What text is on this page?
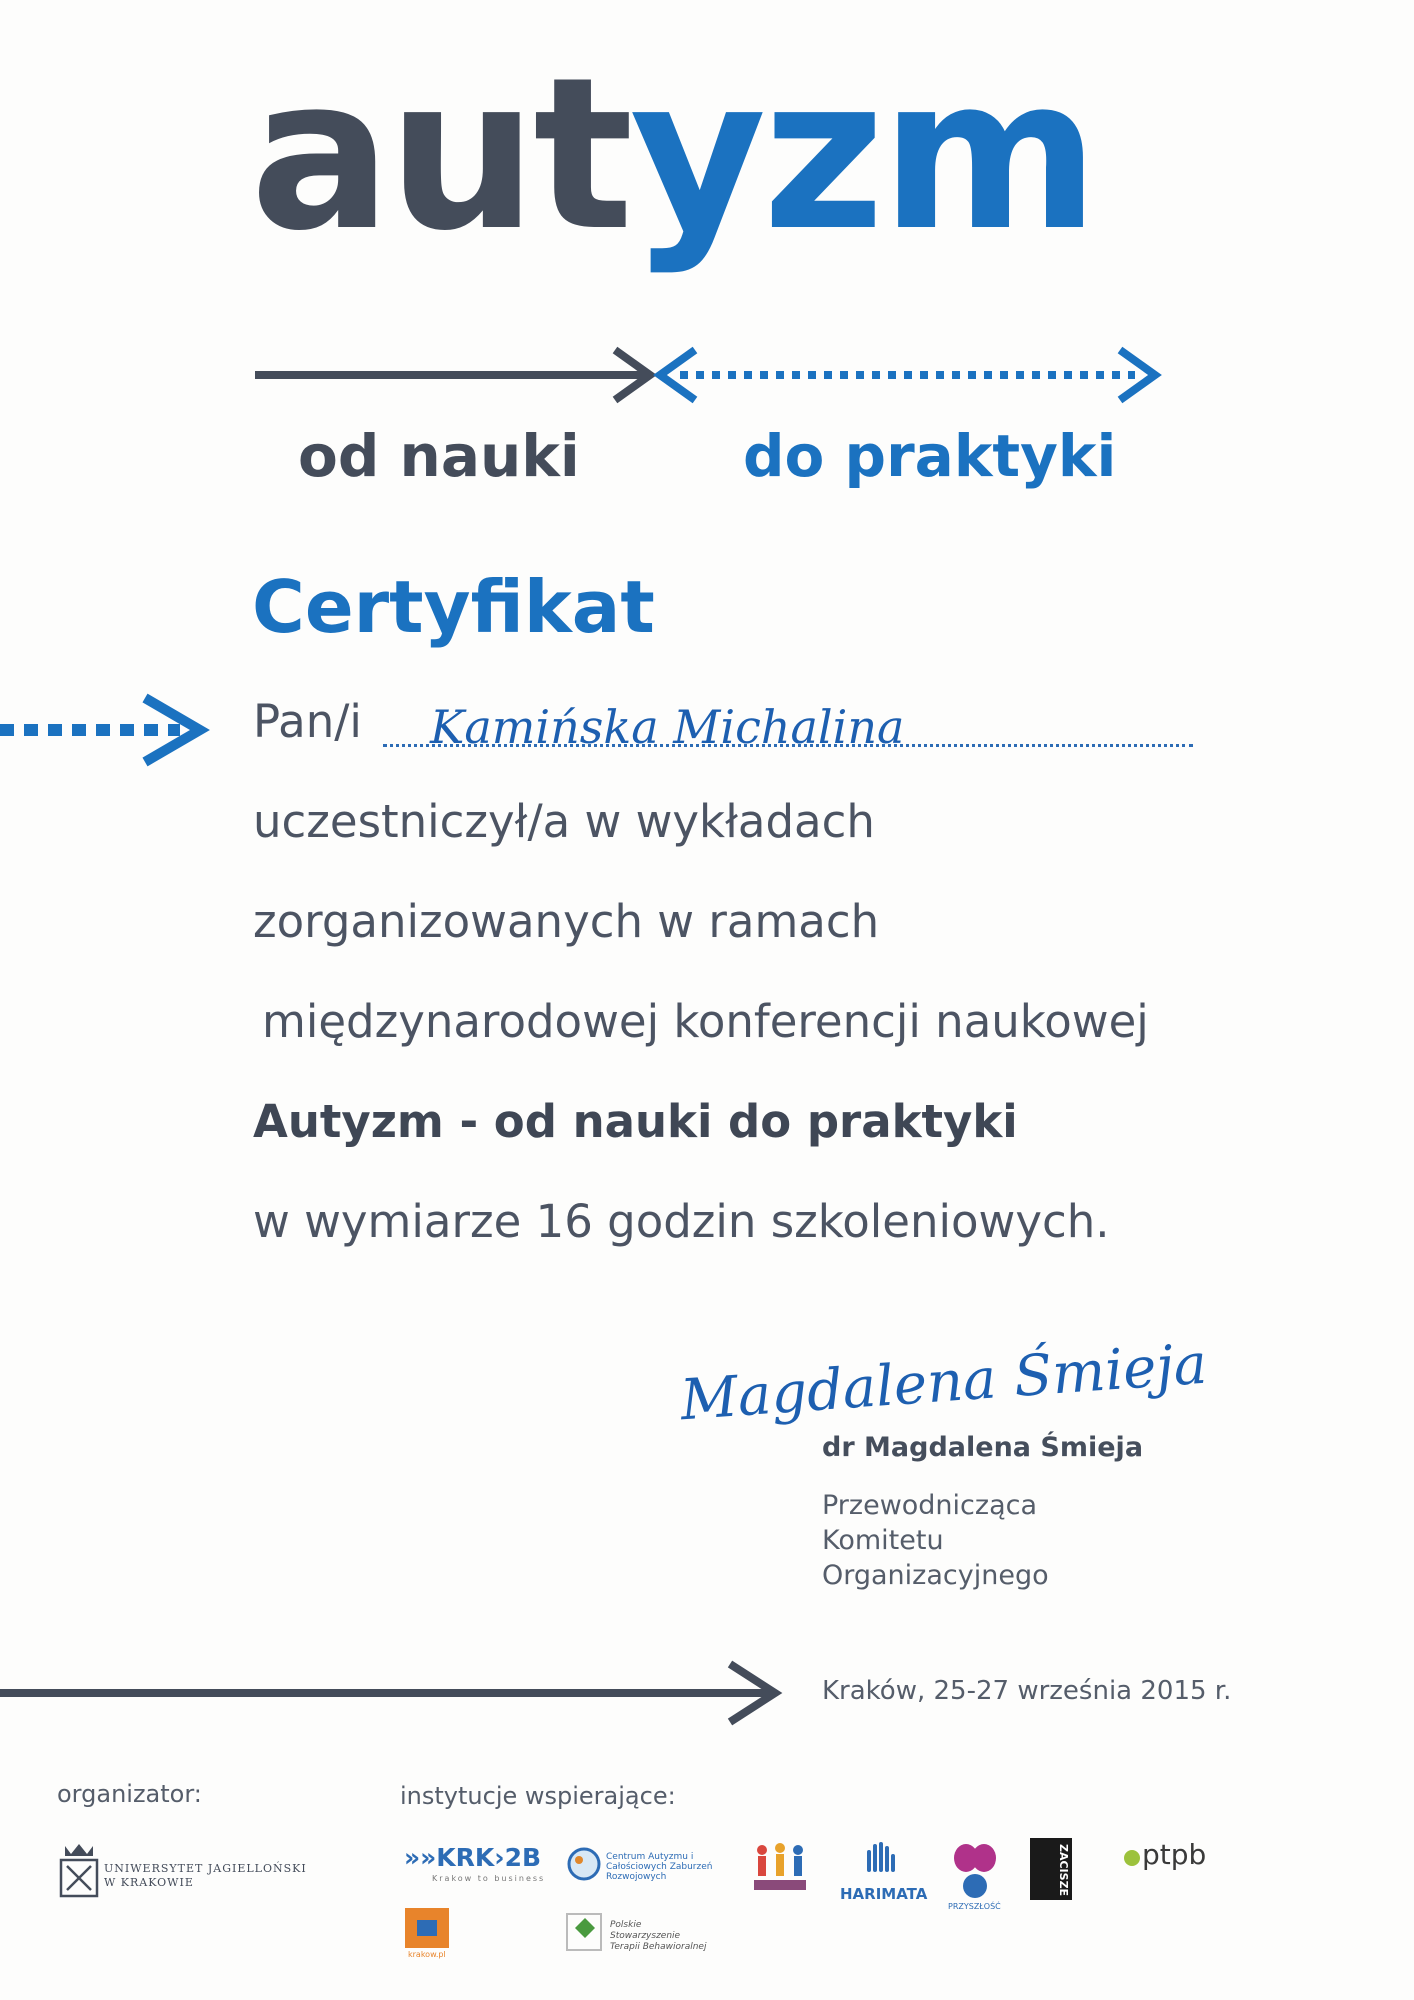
autyzm
od nauki	do praktyki
Certyfikat
Pan/i Kamińska Michalina
uczestniczył/a w wykładach
zorganizowanych w ramach
międzynarodowej konferencji naukowej
Autyzm - od nauki do praktyki
w wymiarze 16 godzin szkoleniowych.
Magdalena Śmieja
dr Magdalena Śmieja
Przewodnicząca
Komitetu
Organizacyjnego
Kraków, 25-27 września 2015 r.
organizator:	instytucje wspierające:
UNIWERSYTET JAGIELLOŃSKI
W KRAKOWIE
»»KRK›2B
Krakow to business
Centrum Autyzmu i Całościowych Zaburzeń Rozwojowych
HARIMATA
PRZYSZŁOŚĆ
ZACISZE	ptpb
krakow.pl
Polskie Stowarzyszenie Terapii Behawioralnej
